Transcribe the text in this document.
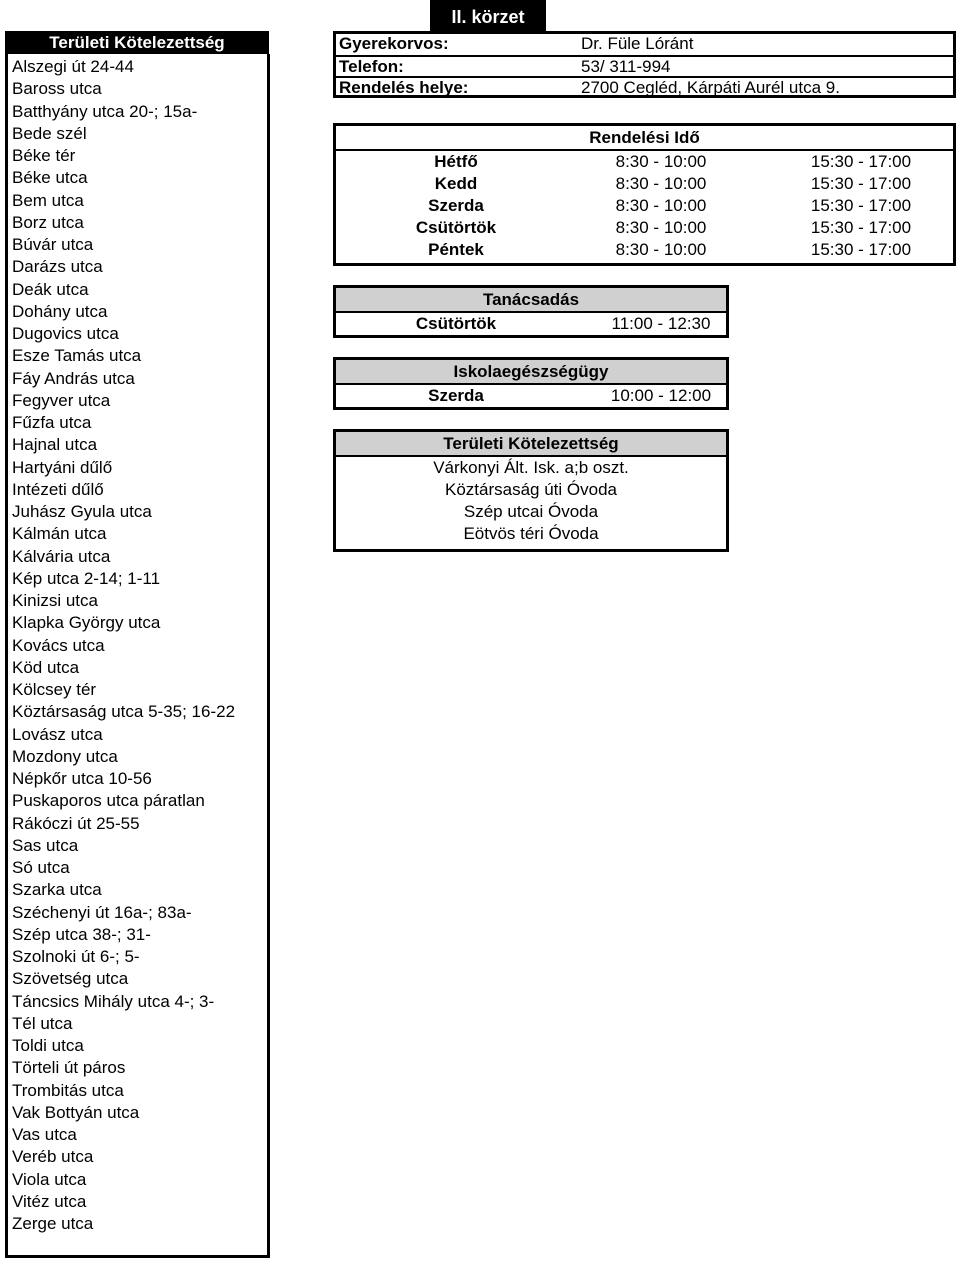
II. körzet
Területi Kötelezettség
Alszegi út 24-44
Baross utca
Batthyány utca 20-; 15a-
Bede szél
Béke tér
Béke utca
Bem utca
Borz utca
Búvár utca
Darázs utca
Deák utca
Dohány utca
Dugovics utca
Esze Tamás utca
Fáy András utca
Fegyver utca
Fűzfa utca
Hajnal utca
Hartyáni dűlő
Intézeti dűlő
Juhász Gyula utca
Kálmán utca
Kálvária utca
Kép utca 2-14; 1-11
Kinizsi utca
Klapka György utca
Kovács utca
Köd utca
Kölcsey tér
Köztársaság utca 5-35; 16-22
Lovász utca
Mozdony utca
Népkőr utca 10-56
Puskaporos utca páratlan
Rákóczi út 25-55
Sas utca
Só utca
Szarka utca
Széchenyi út 16a-; 83a-
Szép utca 38-; 31-
Szolnoki út 6-; 5-
Szövetség utca
Táncsics Mihály utca 4-; 3-
Tél utca
Toldi utca
Törteli út páros
Trombitás utca
Vak Bottyán utca
Vas utca
Veréb utca
Viola utca
Vitéz utca
Zerge utca
Gyerekorvos:	Dr. Füle Lóránt
Telefon:	53/ 311-994
Rendelés helye:	2700 Cegléd, Kárpáti Aurél utca 9.
Rendelési Idő
Hétfő	8:30 - 10:00	15:30 - 17:00
Kedd	8:30 - 10:00	15:30 - 17:00
Szerda	8:30 - 10:00	15:30 - 17:00
Csütörtök	8:30 - 10:00	15:30 - 17:00
Péntek	8:30 - 10:00	15:30 - 17:00
Tanácsadás
Csütörtök	11:00 - 12:30
Iskolaegészségügy
Szerda	10:00 - 12:00
Területi Kötelezettség
Várkonyi Ált. Isk. a;b oszt.
Köztársaság úti Óvoda
Szép utcai Óvoda
Eötvös téri Óvoda
